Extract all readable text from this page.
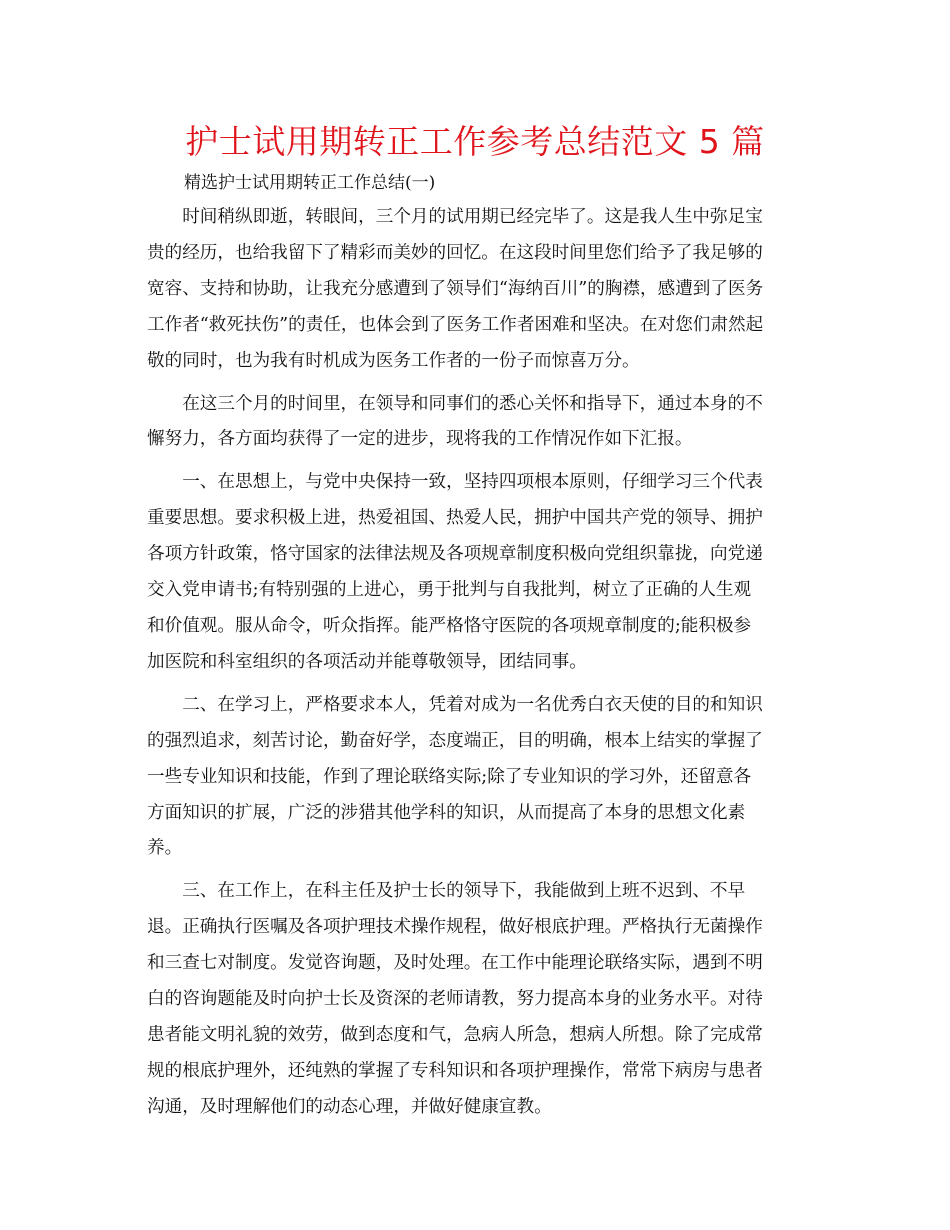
护士试用期转正工作参考总结范文 5 篇

精选护士试用期转正工作总结(一)

时间稍纵即逝，转眼间，三个月的试用期已经完毕了。这是我人生中弥足宝
贵的经历，也给我留下了精彩而美妙的回忆。在这段时间里您们给予了我足够的
宽容、支持和协助，让我充分感遭到了领导们“海纳百川”的胸襟，感遭到了医务
工作者“救死扶伤”的责任，也体会到了医务工作者困难和坚决。在对您们肃然起
敬的同时，也为我有时机成为医务工作者的一份子而惊喜万分。

在这三个月的时间里，在领导和同事们的悉心关怀和指导下，通过本身的不
懈努力，各方面均获得了一定的进步，现将我的工作情况作如下汇报。

一、在思想上，与党中央保持一致，坚持四项根本原则，仔细学习三个代表
重要思想。要求积极上进，热爱祖国、热爱人民，拥护中国共产党的领导、拥护
各项方针政策，恪守国家的法律法规及各项规章制度积极向党组织靠拢，向党递
交入党申请书;有特别强的上进心，勇于批判与自我批判，树立了正确的人生观
和价值观。服从命令，听众指挥。能严格恪守医院的各项规章制度的;能积极参
加医院和科室组织的各项活动并能尊敬领导，团结同事。

二、在学习上，严格要求本人，凭着对成为一名优秀白衣天使的目的和知识
的强烈追求，刻苦讨论，勤奋好学，态度端正，目的明确，根本上结实的掌握了
一些专业知识和技能，作到了理论联络实际;除了专业知识的学习外，还留意各
方面知识的扩展，广泛的涉猎其他学科的知识，从而提高了本身的思想文化素
养。

三、在工作上，在科主任及护士长的领导下，我能做到上班不迟到、不早
退。正确执行医嘱及各项护理技术操作规程，做好根底护理。严格执行无菌操作
和三查七对制度。发觉咨询题，及时处理。在工作中能理论联络实际，遇到不明
白的咨询题能及时向护士长及资深的老师请教，努力提高本身的业务水平。对待
患者能文明礼貌的效劳，做到态度和气，急病人所急，想病人所想。除了完成常
规的根底护理外，还纯熟的掌握了专科知识和各项护理操作，常常下病房与患者
沟通，及时理解他们的动态心理，并做好健康宣教。
